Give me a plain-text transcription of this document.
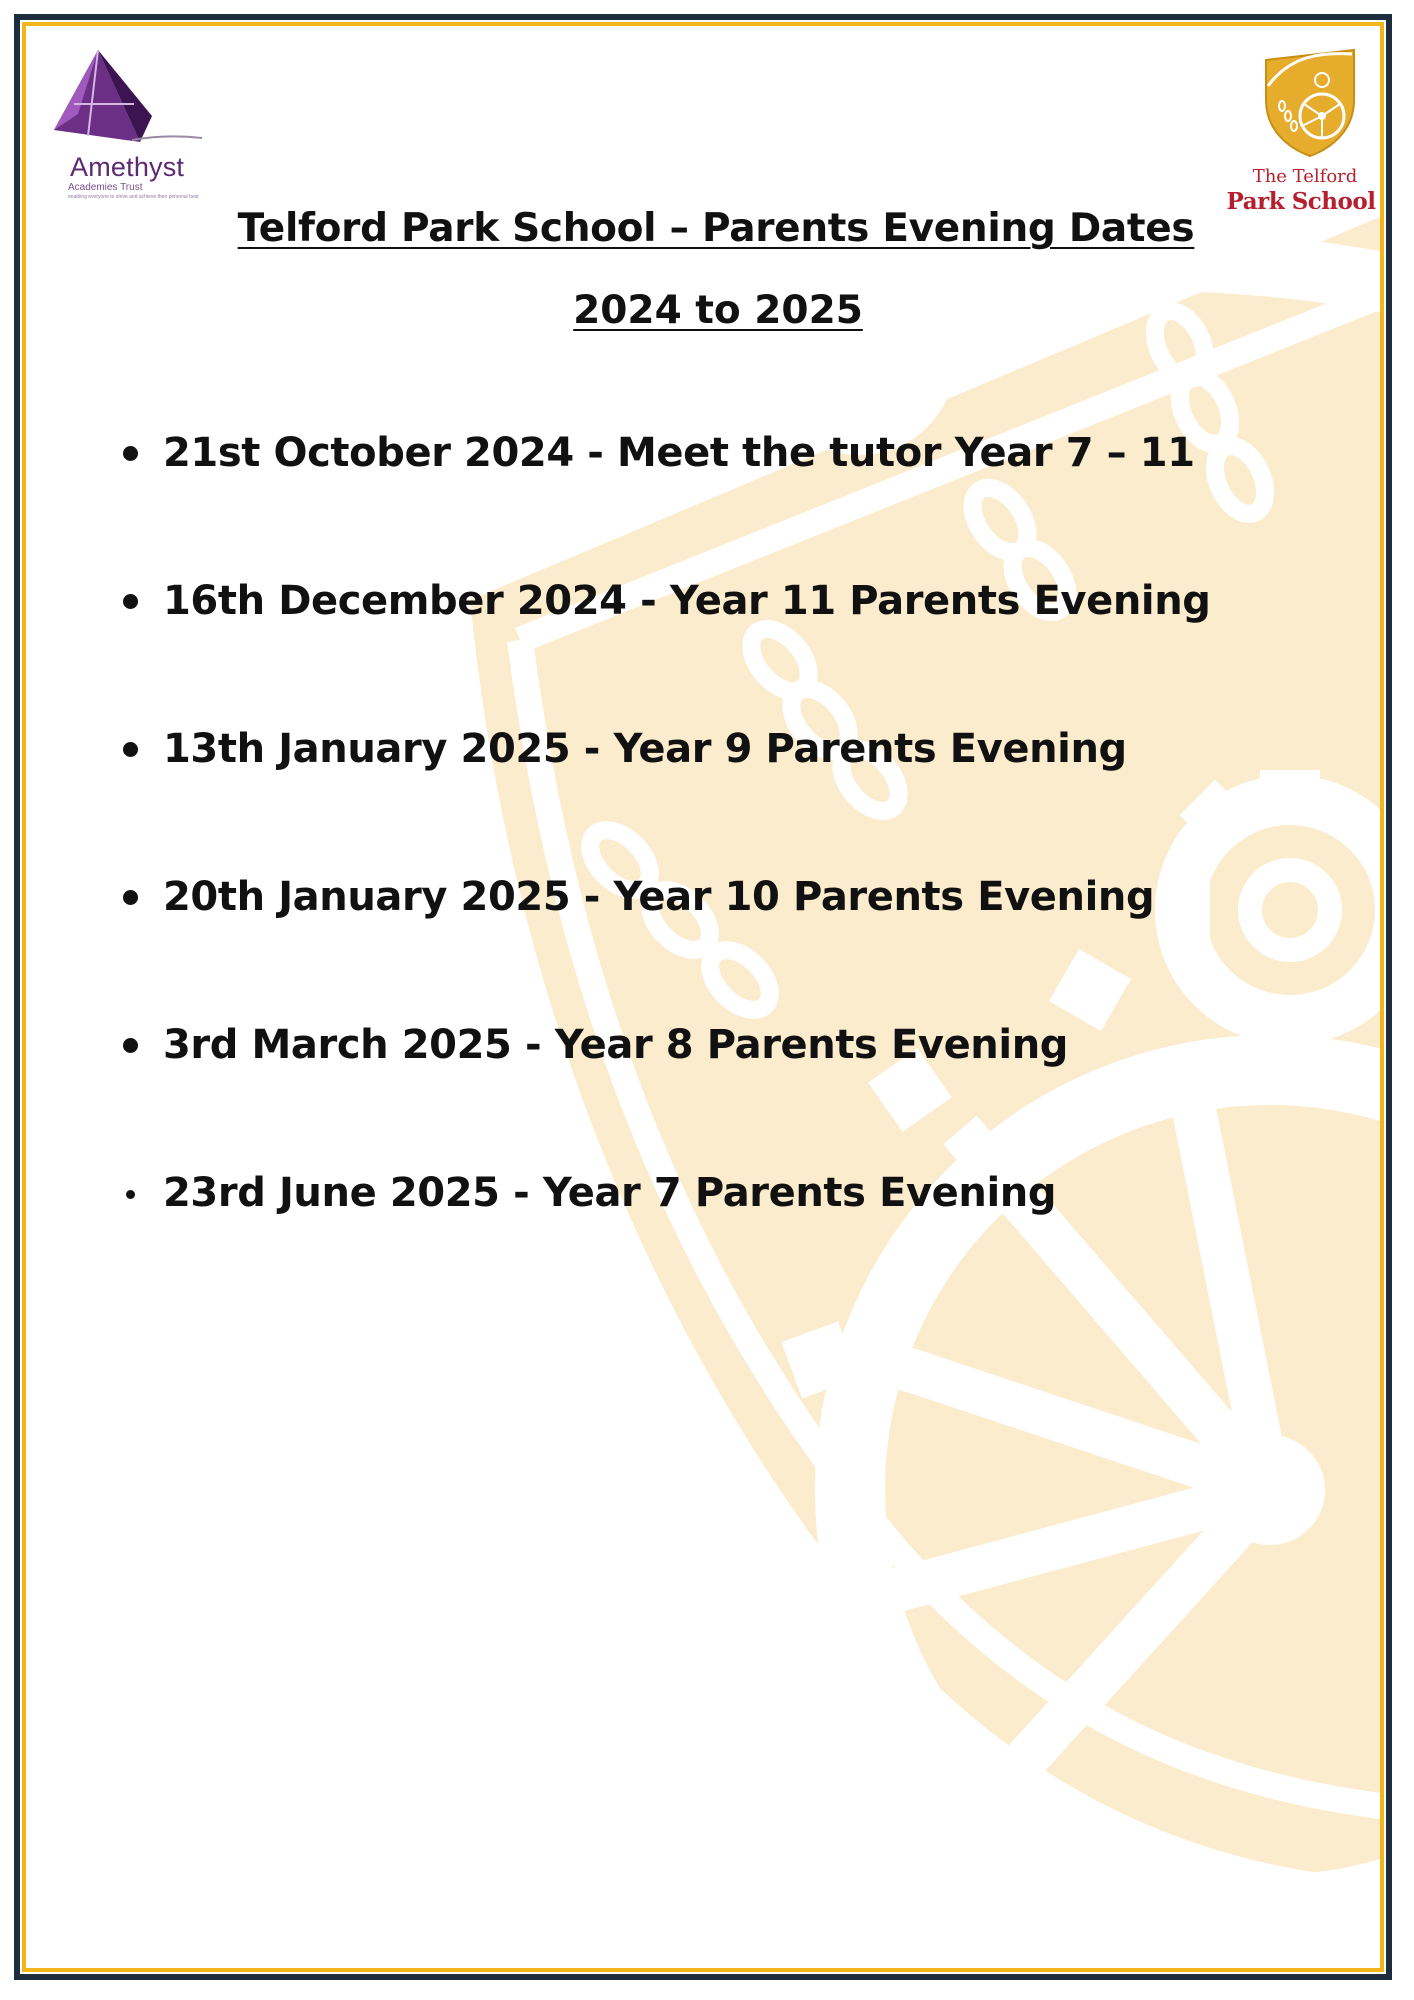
Amethyst
Academies Trust
enabling everyone to strive and achieve their personal best
The Telford
Park School
Telford Park School – Parents Evening Dates
2024 to 2025
21st October 2024 - Meet the tutor Year 7 – 11
16th December 2024 - Year 11 Parents Evening
13th January 2025 - Year 9 Parents Evening
20th January 2025 - Year 10 Parents Evening
3rd March 2025 - Year 8 Parents Evening
23rd June 2025 - Year 7 Parents Evening
